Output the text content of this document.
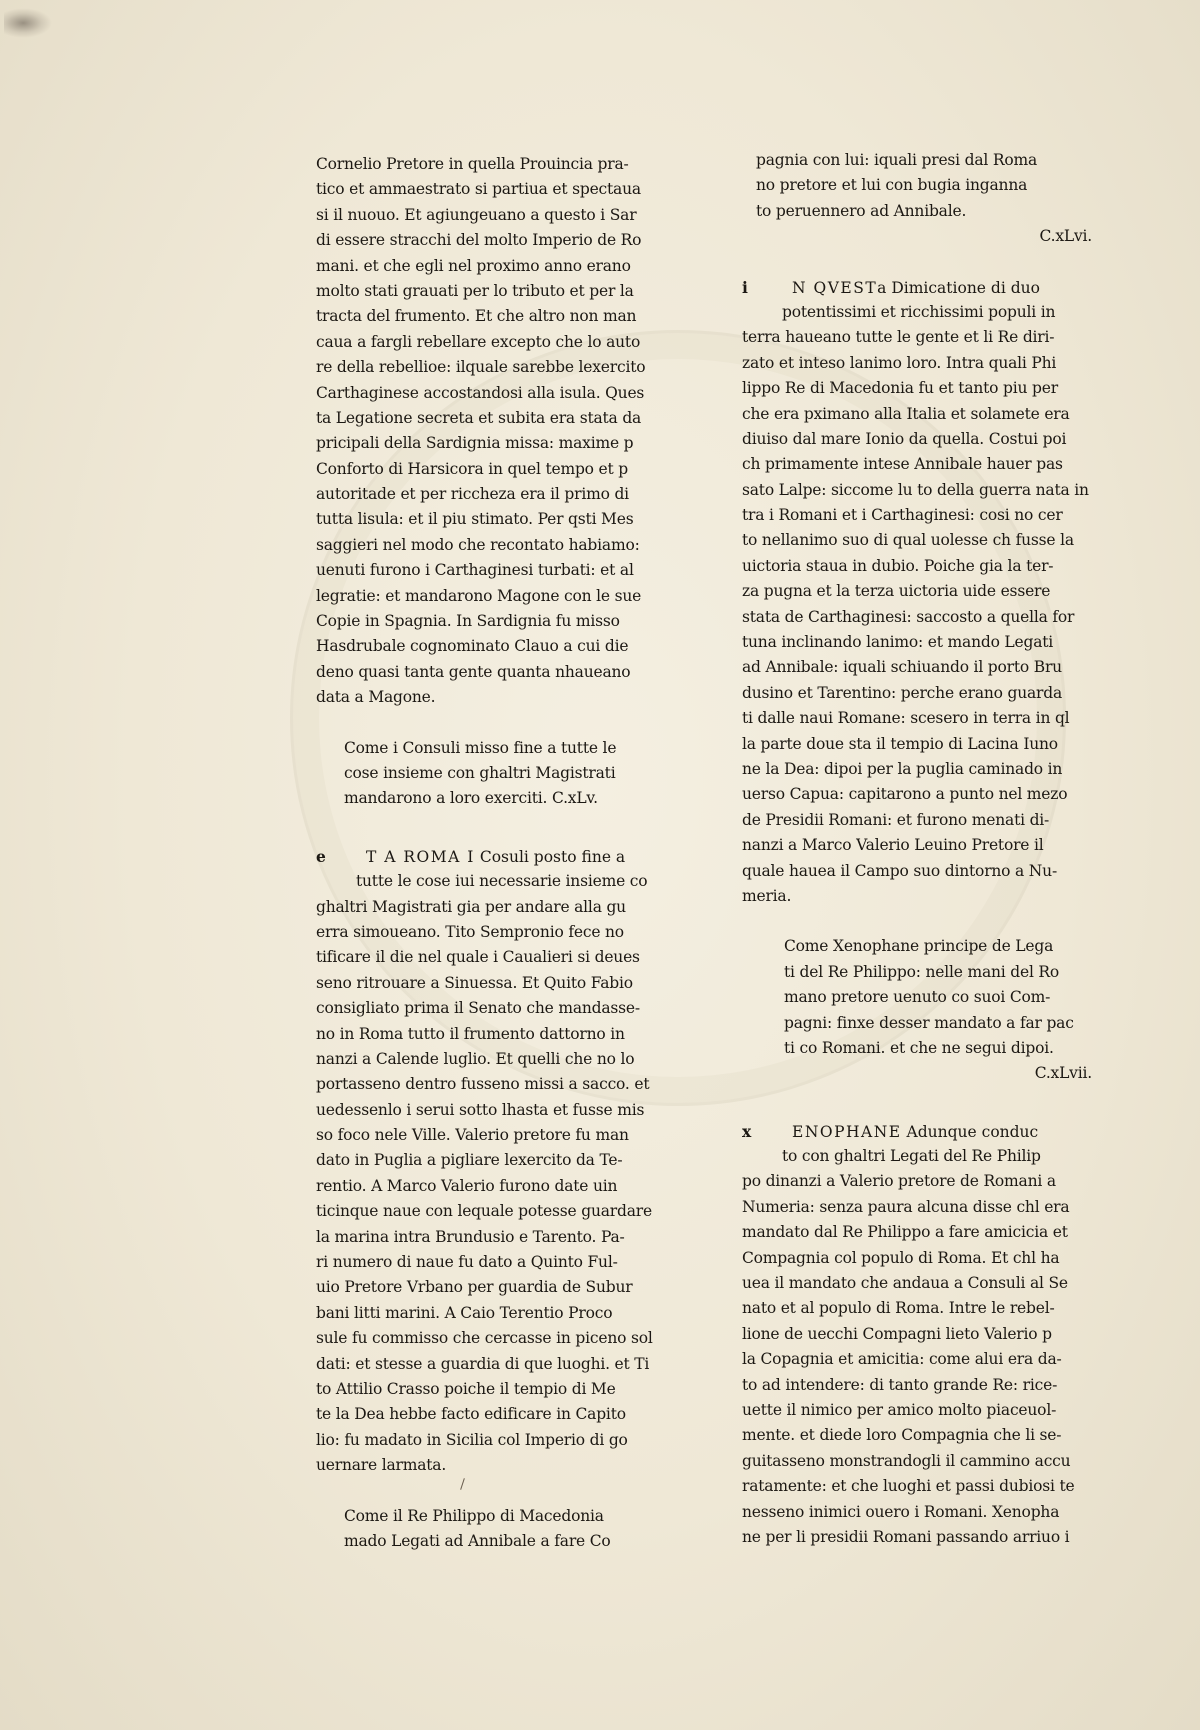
Cornelio Pretore in quella Prouincia pra-
tico et ammaestrato si partiua et spectaua
si il nuouo. Et agiungeuano a questo i Sar
di essere stracchi del molto Imperio de Ro
mani. et che egli nel proximo anno erano
molto stati grauati per lo tributo et per la
tracta del frumento. Et che altro non man
caua a fargli rebellare excepto che lo auto
re della rebellioe: ilquale sarebbe lexercito
Carthaginese accostandosi alla isula. Ques
ta Legatione secreta et subita era stata da
pricipali della Sardignia missa: maxime p
Conforto di Harsicora in quel tempo et p
autoritade et per riccheza era il primo di
tutta lisula: et il piu stimato. Per qsti Mes
saggieri nel modo che recontato habiamo:
uenuti furono i Carthaginesi turbati: et al
legratie: et mandarono Magone con le sue
Copie in Spagnia. In Sardignia fu misso
Hasdrubale cognominato Clauo a cui die
deno quasi tanta gente quanta nhaueano
data a Magone.
Come i Consuli misso fine a tutte le
cose insieme con ghaltri Magistrati
mandarono a loro exerciti. C.xLv.
e	T A ROMA I Cosuli posto fine a
tutte le cose iui necessarie insieme co
ghaltri Magistrati gia per andare alla gu
erra simoueano. Tito Sempronio fece no
tificare il die nel quale i Caualieri si deues
seno ritrouare a Sinuessa. Et Quito Fabio
consigliato prima il Senato che mandasse-
no in Roma tutto il frumento dattorno in
nanzi a Calende luglio. Et quelli che no lo
portasseno dentro fusseno missi a sacco. et
uedessenlo i serui sotto lhasta et fusse mis
so foco nele Ville. Valerio pretore fu man
dato in Puglia a pigliare lexercito da Te-
rentio. A Marco Valerio furono date uin
ticinque naue con lequale potesse guardare
la marina intra Brundusio e Tarento. Pa-
ri numero di naue fu dato a Quinto Ful-
uio Pretore Vrbano per guardia de Subur
bani litti marini. A Caio Terentio Proco
sule fu commisso che cercasse in piceno sol
dati: et stesse a guardia di que luoghi. et Ti
to Attilio Crasso poiche il tempio di Me
te la Dea hebbe facto edificare in Capito
lio: fu madato in Sicilia col Imperio di go
uernare larmata.
Come il Re Philippo di Macedonia
mado Legati ad Annibale a fare Co
pagnia con lui: iquali presi dal Roma
no pretore et lui con bugia inganna
to peruennero ad Annibale.
C.xLvi.
i	N QVESTa Dimicatione di duo
potentissimi et ricchissimi populi in
terra haueano tutte le gente et li Re diri-
zato et inteso lanimo loro. Intra quali Phi
lippo Re di Macedonia fu et tanto piu per
che era pximano alla Italia et solamete era
diuiso dal mare Ionio da quella. Costui poi
ch primamente intese Annibale hauer pas
sato Lalpe: siccome lu to della guerra nata in
tra i Romani et i Carthaginesi: cosi no cer
to nellanimo suo di qual uolesse ch fusse la
uictoria staua in dubio. Poiche gia la ter-
za pugna et la terza uictoria uide essere
stata de Carthaginesi: saccosto a quella for
tuna inclinando lanimo: et mando Legati
ad Annibale: iquali schiuando il porto Bru
dusino et Tarentino: perche erano guarda
ti dalle naui Romane: scesero in terra in ql
la parte doue sta il tempio di Lacina Iuno
ne la Dea: dipoi per la puglia caminado in
uerso Capua: capitarono a punto nel mezo
de Presidii Romani: et furono menati di-
nanzi a Marco Valerio Leuino Pretore il
quale hauea il Campo suo dintorno a Nu-
meria.
Come Xenophane principe de Lega
ti del Re Philippo: nelle mani del Ro
mano pretore uenuto co suoi Com-
pagni: finxe desser mandato a far pac
ti co Romani. et che ne segui dipoi.
C.xLvii.
x	ENOPHANE Adunque conduc
to con ghaltri Legati del Re Philip
po dinanzi a Valerio pretore de Romani a
Numeria: senza paura alcuna disse chl era
mandato dal Re Philippo a fare amicicia et
Compagnia col populo di Roma. Et chl ha
uea il mandato che andaua a Consuli al Se
nato et al populo di Roma. Intre le rebel-
lione de uecchi Compagni lieto Valerio p
la Copagnia et amicitia: come alui era da-
to ad intendere: di tanto grande Re: rice-
uette il nimico per amico molto piaceuol-
mente. et diede loro Compagnia che li se-
guitasseno monstrandogli il cammino accu
ratamente: et che luoghi et passi dubiosi te
nesseno inimici ouero i Romani. Xenopha
ne per li presidii Romani passando arriuo i
